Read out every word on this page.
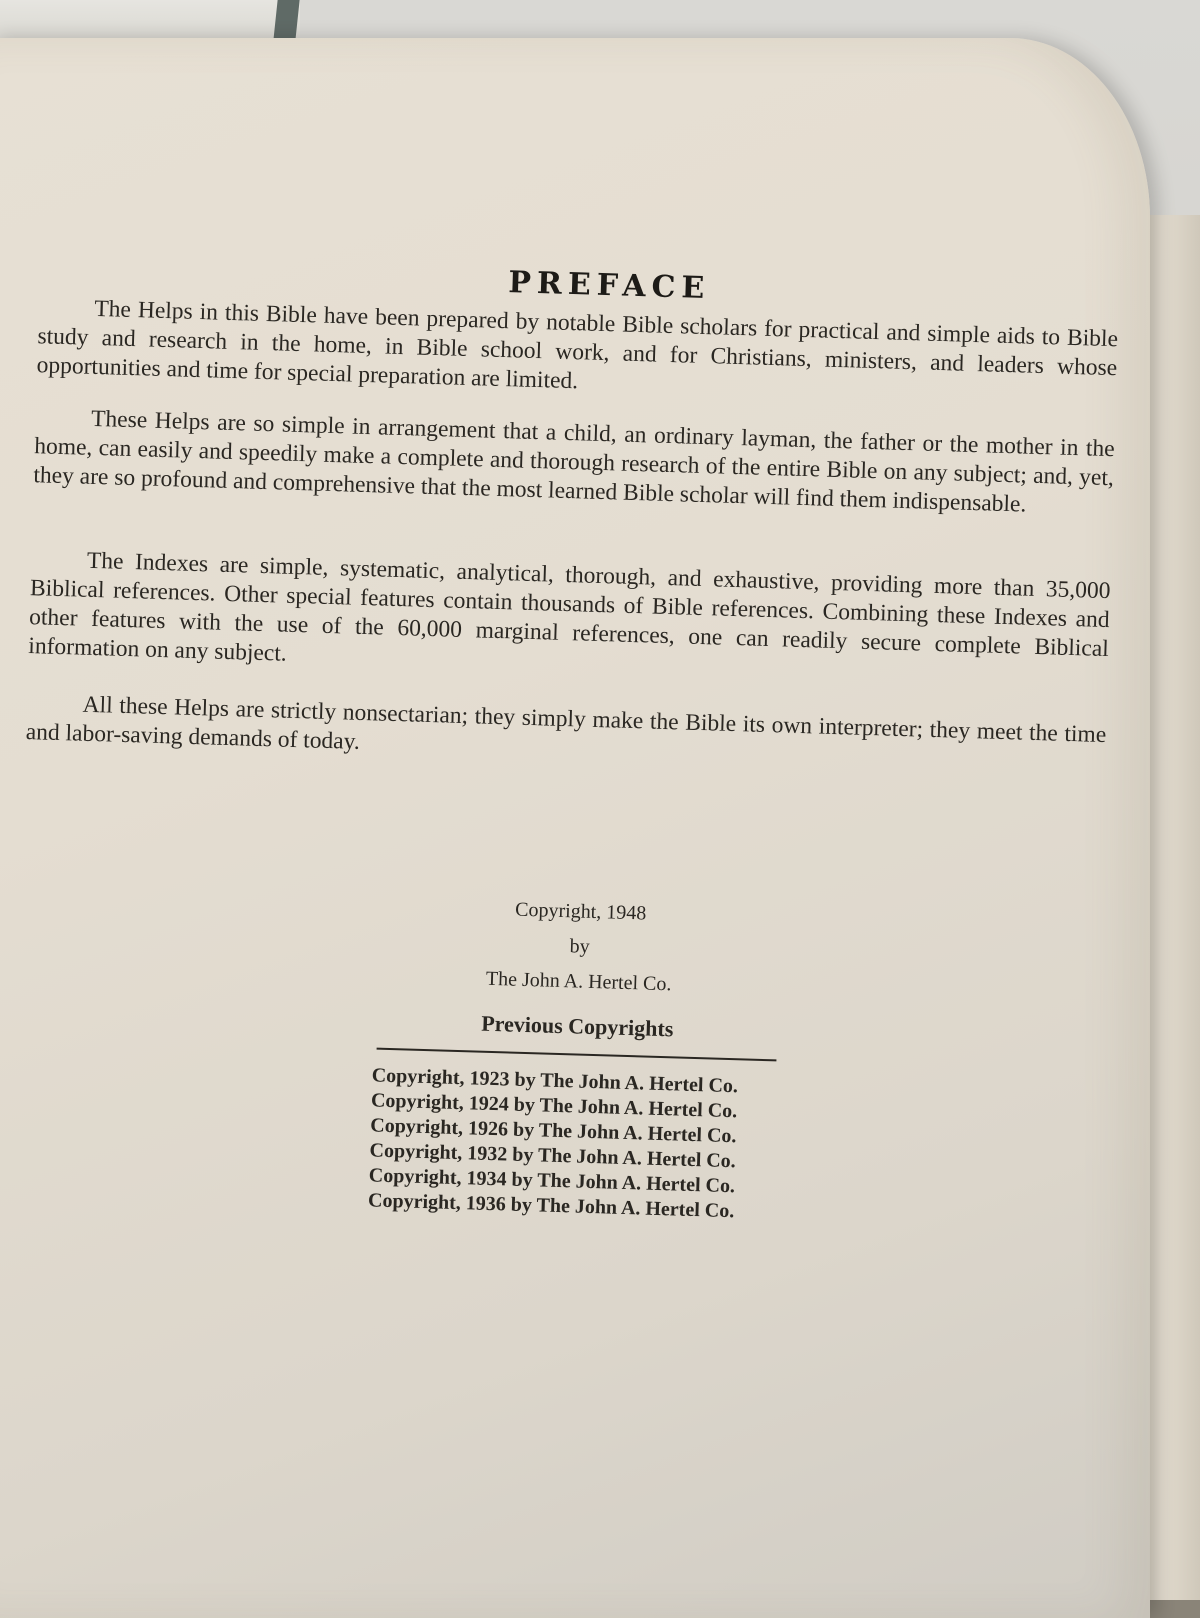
PREFACE

The Helps in this Bible have been prepared by notable Bible scholars for practical and simple aids to Bible study and research in the home, in Bible school work, and for Christians, ministers, and leaders whose opportunities and time for special preparation are limited.

These Helps are so simple in arrangement that a child, an ordinary layman, the father or the mother in the home, can easily and speedily make a complete and thorough research of the entire Bible on any subject; and, yet, they are so profound and comprehensive that the most learned Bible scholar will find them indispensable.

The Indexes are simple, systematic, analytical, thorough, and exhaustive, providing more than 35,000 Biblical references. Other special features contain thousands of Bible references. Combining these Indexes and other features with the use of the 60,000 marginal references, one can readily secure complete Biblical information on any subject.

All these Helps are strictly nonsectarian; they simply make the Bible its own interpreter; they meet the time and labor-saving demands of today.

Copyright, 1948
by
The John A. Hertel Co.
Previous Copyrights
Copyright, 1923 by The John A. Hertel Co.
Copyright, 1924 by The John A. Hertel Co.
Copyright, 1926 by The John A. Hertel Co.
Copyright, 1932 by The John A. Hertel Co.
Copyright, 1934 by The John A. Hertel Co.
Copyright, 1936 by The John A. Hertel Co.
